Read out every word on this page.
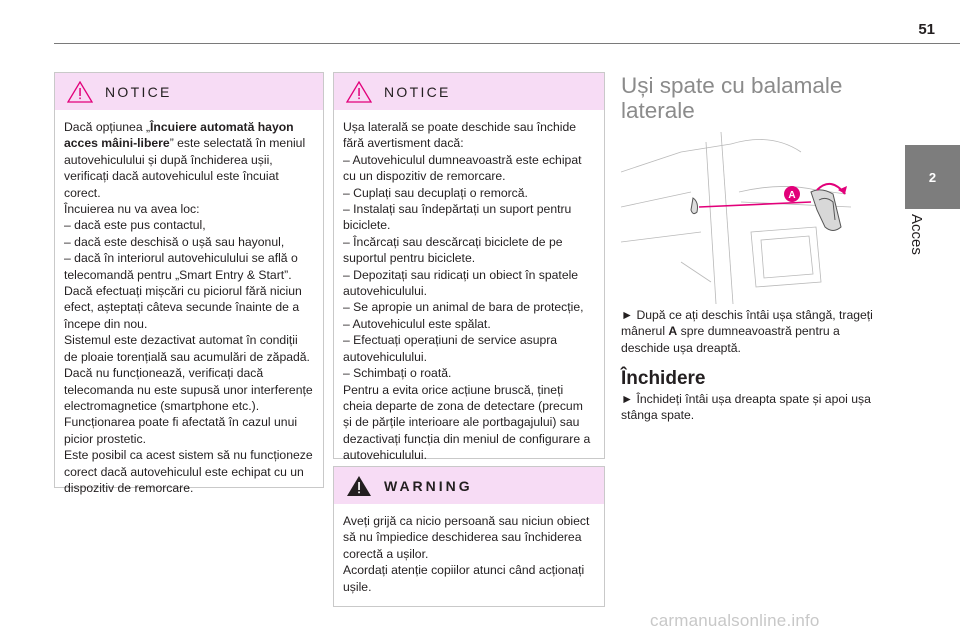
51
2
Acces
NOTICE

Dacă opțiunea „Încuiere automată hayon acces mâini-libere” este selectată în meniul autovehiculului și după închiderea ușii, verificați dacă autovehiculul este încuiat corect.

Încuierea nu va avea loc:

– dacă este pus contactul,

– dacă este deschisă o ușă sau hayonul,

– dacă în interiorul autovehiculului se află o telecomandă pentru „Smart Entry & Start”.

Dacă efectuați mișcări cu piciorul fără niciun efect, așteptați câteva secunde înainte de a începe din nou.

Sistemul este dezactivat automat în condiții de ploaie torențială sau acumulări de zăpadă.

Dacă nu funcționează, verificați dacă telecomanda nu este supusă unor interferențe electromagnetice (smartphone etc.).

Funcționarea poate fi afectată în cazul unui picior prostetic.

Este posibil ca acest sistem să nu funcționeze corect dacă autovehiculul este echipat cu un dispozitiv de remorcare.

NOTICE

Ușa laterală se poate deschide sau închide fără avertisment dacă:

– Autovehiculul dumneavoastră este echipat cu un dispozitiv de remorcare.

– Cuplați sau decuplați o remorcă.

– Instalați sau îndepărtați un suport pentru biciclete.

– Încărcați sau descărcați biciclete de pe suportul pentru biciclete.

– Depozitați sau ridicați un obiect în spatele autovehiculului.

– Se apropie un animal de bara de protecție,

– Autovehiculul este spălat.

– Efectuați operațiuni de service asupra autovehiculului.

– Schimbați o roată.

Pentru a evita orice acțiune bruscă, țineți cheia departe de zona de detectare (precum și de părțile interioare ale portbagajului) sau dezactivați funcția din meniul de configurare a autovehiculului.

WARNING

Aveți grijă ca nicio persoană sau niciun obiect să nu împiedice deschiderea sau închiderea corectă a ușilor.

Acordați atenție copiilor atunci când acționați ușile.

Uși spate cu balamale laterale
A
► După ce ați deschis întâi ușa stângă, trageți mânerul A spre dumneavoastră pentru a deschide ușa dreaptă.
Închidere
► Închideți întâi ușa dreapta spate și apoi ușa stânga spate.
carmanualsonline.info
